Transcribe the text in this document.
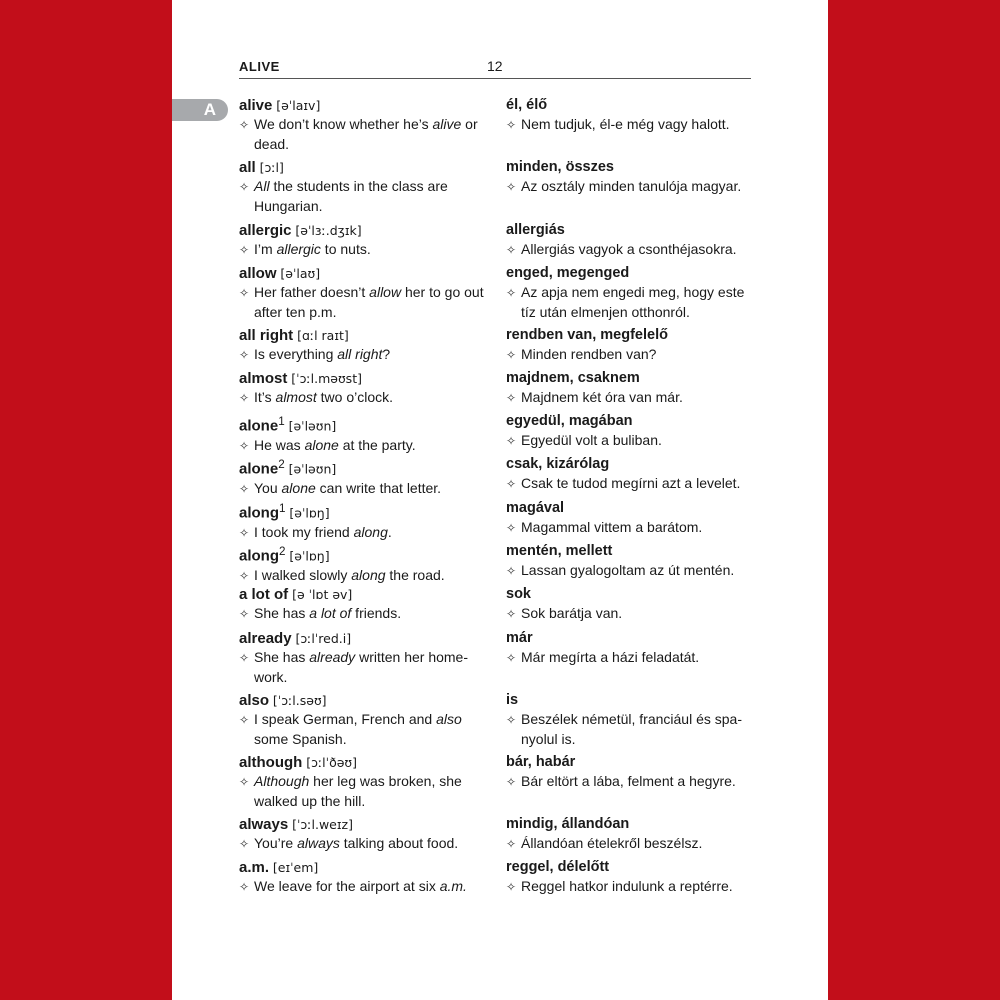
ALIVE	12
A alive [əˈlaɪv]
✧ We don’t know whether he’s alive or dead.
él, élő
✧ Nem tudjuk, él-e még vagy halott.
all [ɔːl]
✧ All the students in the class are Hungarian.
minden, összes
✧ Az osztály minden tanulója magyar.
allergic [əˈlɜː.dʒɪk]
✧ I’m allergic to nuts.
allergiás
✧ Allergiás vagyok a csonthéjasokra.
allow [əˈlaʊ]
✧ Her father doesn’t allow her to go out after ten p.m.
enged, megenged
✧ Az apja nem engedi meg, hogy este tíz után elmenjen otthonról.
all right [ɑːl raɪt]
✧ Is everything all right?
rendben van, megfelelő
✧ Minden rendben van?
almost [ˈɔːl.məʊst]
✧ It’s almost two o’clock.
majdnem, csaknem
✧ Majdnem két óra van már.
alone$^1$ [əˈləʊn]
✧ He was alone at the party.
egyedül, magában
✧ Egyedül volt a buliban.
alone$^2$ [əˈləʊn]
✧ You alone can write that letter.
csak, kizárólag
✧ Csak te tudod megírni azt a levelet.
along$^1$ [əˈlɒŋ]
✧ I took my friend along.
magával
✧ Magammal vittem a barátom.
along$^2$ [əˈlɒŋ]
✧ I walked slowly along the road.
mentén, mellett
✧ Lassan gyalogoltam az út mentén.
a lot of [ə ˈlɒt əv]
✧ She has a lot of friends.
sok
✧ Sok barátja van.
already [ɔːlˈred.i]
✧ She has already written her home-work.
már
✧ Már megírta a házi feladatát.
also [ˈɔːl.səʊ]
✧ I speak German, French and also some Spanish.
is
✧ Beszélek németül, franciául és spa-nyolul is.
although [ɔːlˈðəʊ]
✧ Although her leg was broken, she walked up the hill.
bár, habár
✧ Bár eltört a lába, felment a hegyre.
always [ˈɔːl.weɪz]
✧ You’re always talking about food.
mindig, állandóan
✧ Állandóan ételekről beszélsz.
a.m. [eɪˈem]
✧ We leave for the airport at six a.m.
reggel, délelőtt
✧ Reggel hatkor indulunk a reptérre.
